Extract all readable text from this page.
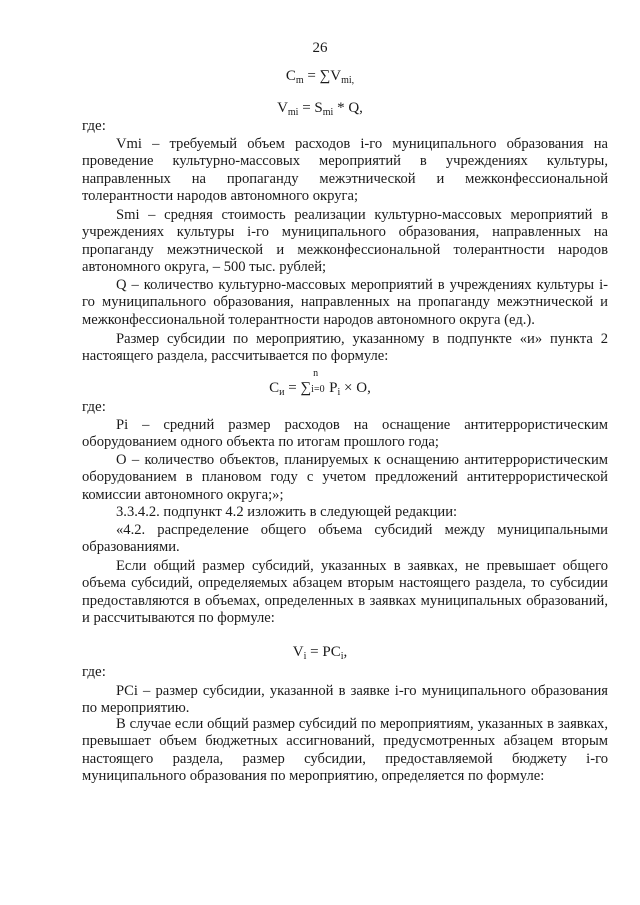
26
$C_m = \sum V_{mi,}$
$V_{mi} = S_{mi} * Q$,
где:

Vmi – требуемый объем расходов i-го муниципального образования на проведение культурно-массовых мероприятий в учреждениях культуры, направленных на пропаганду межэтнической и межконфессиональной толерантности народов автономного округа;

Smi – средняя стоимость реализации культурно-массовых мероприятий в учреждениях культуры i-го муниципального образования, направленных на пропаганду межэтнической и межконфессиональной толерантности народов автономного округа, – 500 тыс. рублей;

Q – количество культурно-массовых мероприятий в учреждениях культуры i-го муниципального образования, направленных на пропаганду межэтнической и межконфессиональной толерантности народов автономного округа (ед.).

Размер субсидии по мероприятию, указанному в подпункте «и» пункта 2 настоящего раздела, рассчитывается по формуле:

$C_и$ = ∑ i=0
n
$P_i \times O$,
где:

Pi – средний размер расходов на оснащение антитеррористическим оборудованием одного объекта по итогам прошлого года;

O – количество объектов, планируемых к оснащению антитеррористическим оборудованием в плановом году с учетом предложений антитеррористической комиссии автономного округа;»;

3.3.4.2. подпункт 4.2 изложить в следующей редакции:

«4.2. распределение общего объема субсидий между муниципальными образованиями.

Если общий размер субсидий, указанных в заявках, не превышает общего объема субсидий, определяемых абзацем вторым настоящего раздела, то субсидии предоставляются в объемах, определенных в заявках муниципальных образований, и рассчитываются по формуле:

$V_i = PC_i$,
где:

PCi – размер субсидии, указанной в заявке i-го муниципального образования по мероприятию.

В случае если общий размер субсидий по мероприятиям, указанных в заявках, превышает объем бюджетных ассигнований, предусмотренных абзацем вторым настоящего раздела, размер субсидии, предоставляемой бюджету i-го муниципального образования по мероприятию, определяется по формуле:
